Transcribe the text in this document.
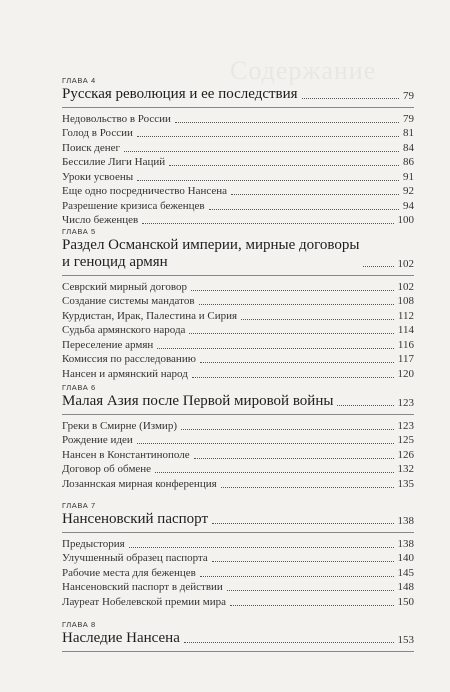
Содержание
ГЛАВА 4
Русская революция и ее последствия	79
Недовольство в России	79
Голод в России	81
Поиск денег	84
Бессилие Лиги Наций	86
Уроки усвоены	91
Еще одно посредничество Нансена	92
Разрешение кризиса беженцев	94
Число беженцев	100
ГЛАВА 5
Раздел Османской империи, мирные договоры
и геноцид армян	102
Севрский мирный договор	102
Создание системы мандатов	108
Курдистан, Ирак, Палестина и Сирия	112
Судьба армянского народа	114
Переселение армян	116
Комиссия по расследованию	117
Нансен и армянский народ	120
ГЛАВА 6
Малая Азия после Первой мировой войны	123
Греки в Смирне (Измир)	123
Рождение идеи	125
Нансен в Константинополе	126
Договор об обмене	132
Лозаннская мирная конференция	135
ГЛАВА 7
Нансеновский паспорт	138
Предыстория	138
Улучшенный образец паспорта	140
Рабочие места для беженцев	145
Нансеновский паспорт в действии	148
Лауреат Нобелевской премии мира	150
ГЛАВА 8
Наследие Нансена	153
